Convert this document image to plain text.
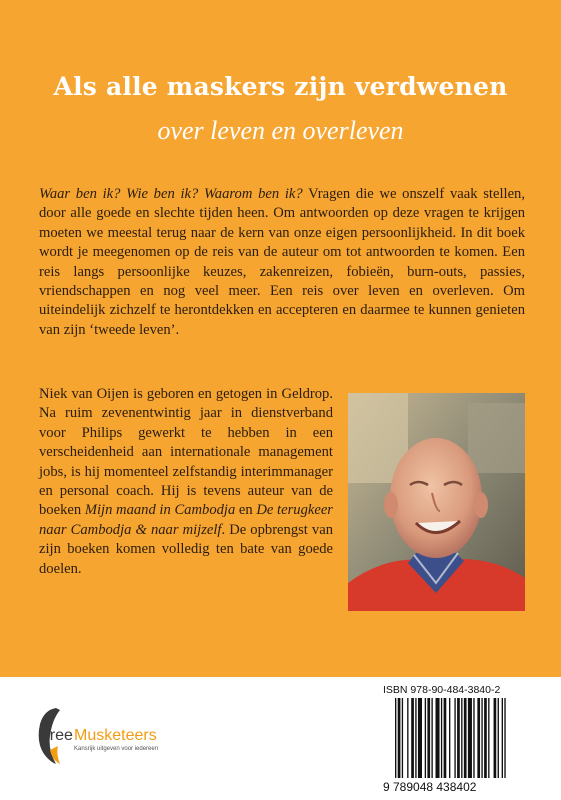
Als alle maskers zijn verdwenen
over leven en overleven

Waar ben ik? Wie ben ik? Waarom ben ik? Vragen die we onszelf vaak stellen, door alle goede en slechte tijden heen. Om antwoorden op deze vragen te krijgen moeten we meestal terug naar de kern van onze eigen persoonlijkheid. In dit boek wordt je meegenomen op de reis van de auteur om tot antwoorden te komen. Een reis langs persoonlijke keuzes, zakenreizen, fobieën, burn-outs, passies, vriendschappen en nog veel meer. Een reis over leven en overleven. Om uiteindelijk zichzelf te herontdekken en accepteren en daarmee te kunnen genieten van zijn ‘tweede leven’.

Niek van Oijen is geboren en getogen in Geldrop. Na ruim zevenentwintig jaar in dienstverband voor Philips gewerkt te hebben in een verscheidenheid aan internationale management jobs, is hij momenteel zelfstandig interimmanager en personal coach. Hij is tevens auteur van de boeken Mijn maand in Cambodja en De terugkeer naar Cambodja & naar mijzelf. De opbrengst van zijn boeken komen volledig ten bate van goede doelen.

Free Musketeers
Kansrijk uitgeven voor iedereen
ISBN 978-90-484-3840-2
9 789048 438402
